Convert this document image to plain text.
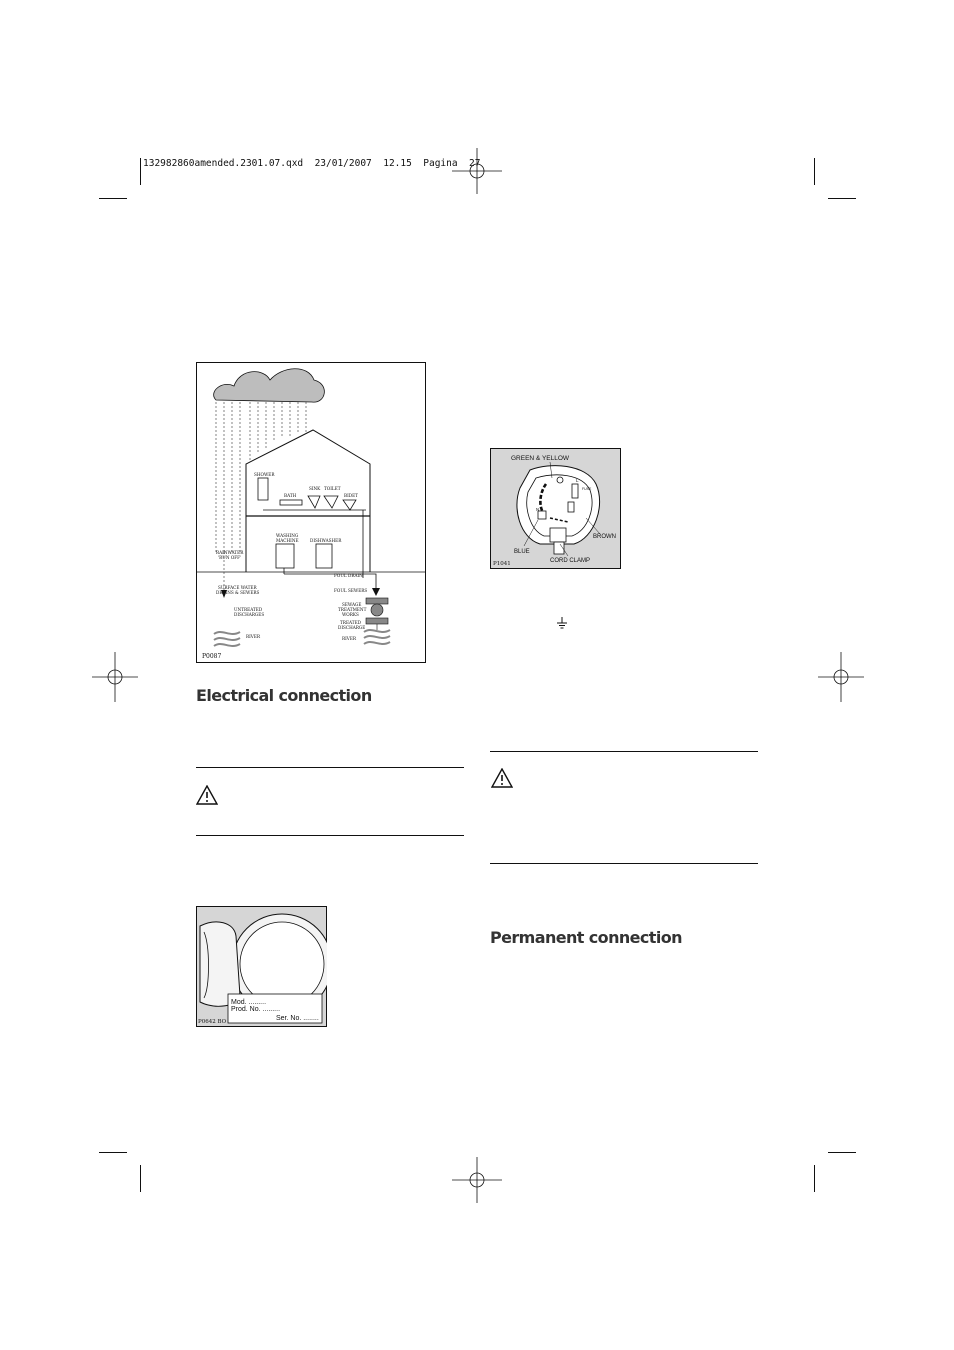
132982860amended.2301.07.qxd  23/01/2007  12.15  Pagina  27
SHOWER
BATH
SINK TOILET
BIDET
WASHING
MACHINE	DISHWASHER
RAINWATER
'RUN OFF'
FOUL DRAIN
FOUL SEWERS
SURFACE WATER
DRAINS & SEWERS
SEWAGE
TREATMENT
WORKS
UNTREATED
DISCHARGES
TREATED
DISCHARGE
RIVER	RIVER
P0087
Electrical connection
Mod. .........
Prod. No. .........
Ser. No. ........
P0642 BO
N
L
FUSE
GREEN & YELLOW
BROWN
BLUE
CORD CLAMP
P1041
Permanent connection
